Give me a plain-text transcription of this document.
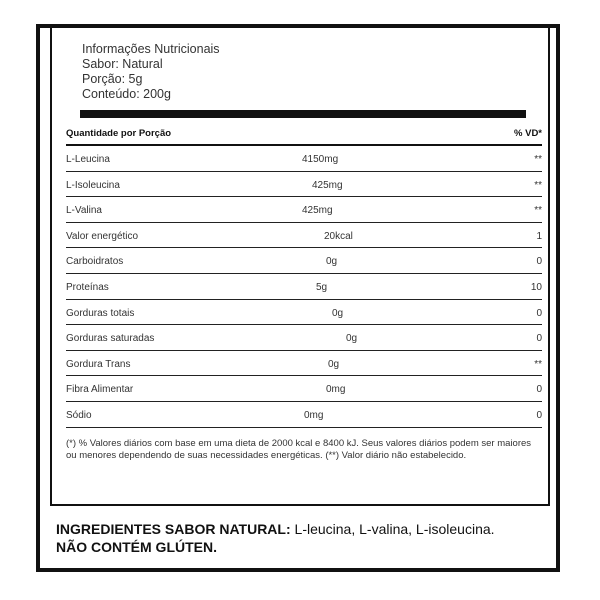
Informações Nutricionais
Sabor: Natural
Porção: 5g
Conteúdo: 200g
Quantidade por Porção	% VD*
L-Leucina	4150mg	**
L-Isoleucina	425mg	**
L-Valina	425mg	**
Valor energético	20kcal	1
Carboidratos	0g	0
Proteínas	5g	10
Gorduras totais	0g	0
Gorduras saturadas	0g	0
Gordura Trans	0g	**
Fibra Alimentar	0mg	0
Sódio	0mg	0
(*) % Valores diários com base em uma dieta de 2000 kcal e 8400 kJ. Seus valores diários podem ser maiores ou menores dependendo de suas necessidades energéticas. (**) Valor diário não estabelecido.
INGREDIENTES SABOR NATURAL: L-leucina, L-valina, L-isoleucina.
NÃO CONTÉM GLÚTEN.
